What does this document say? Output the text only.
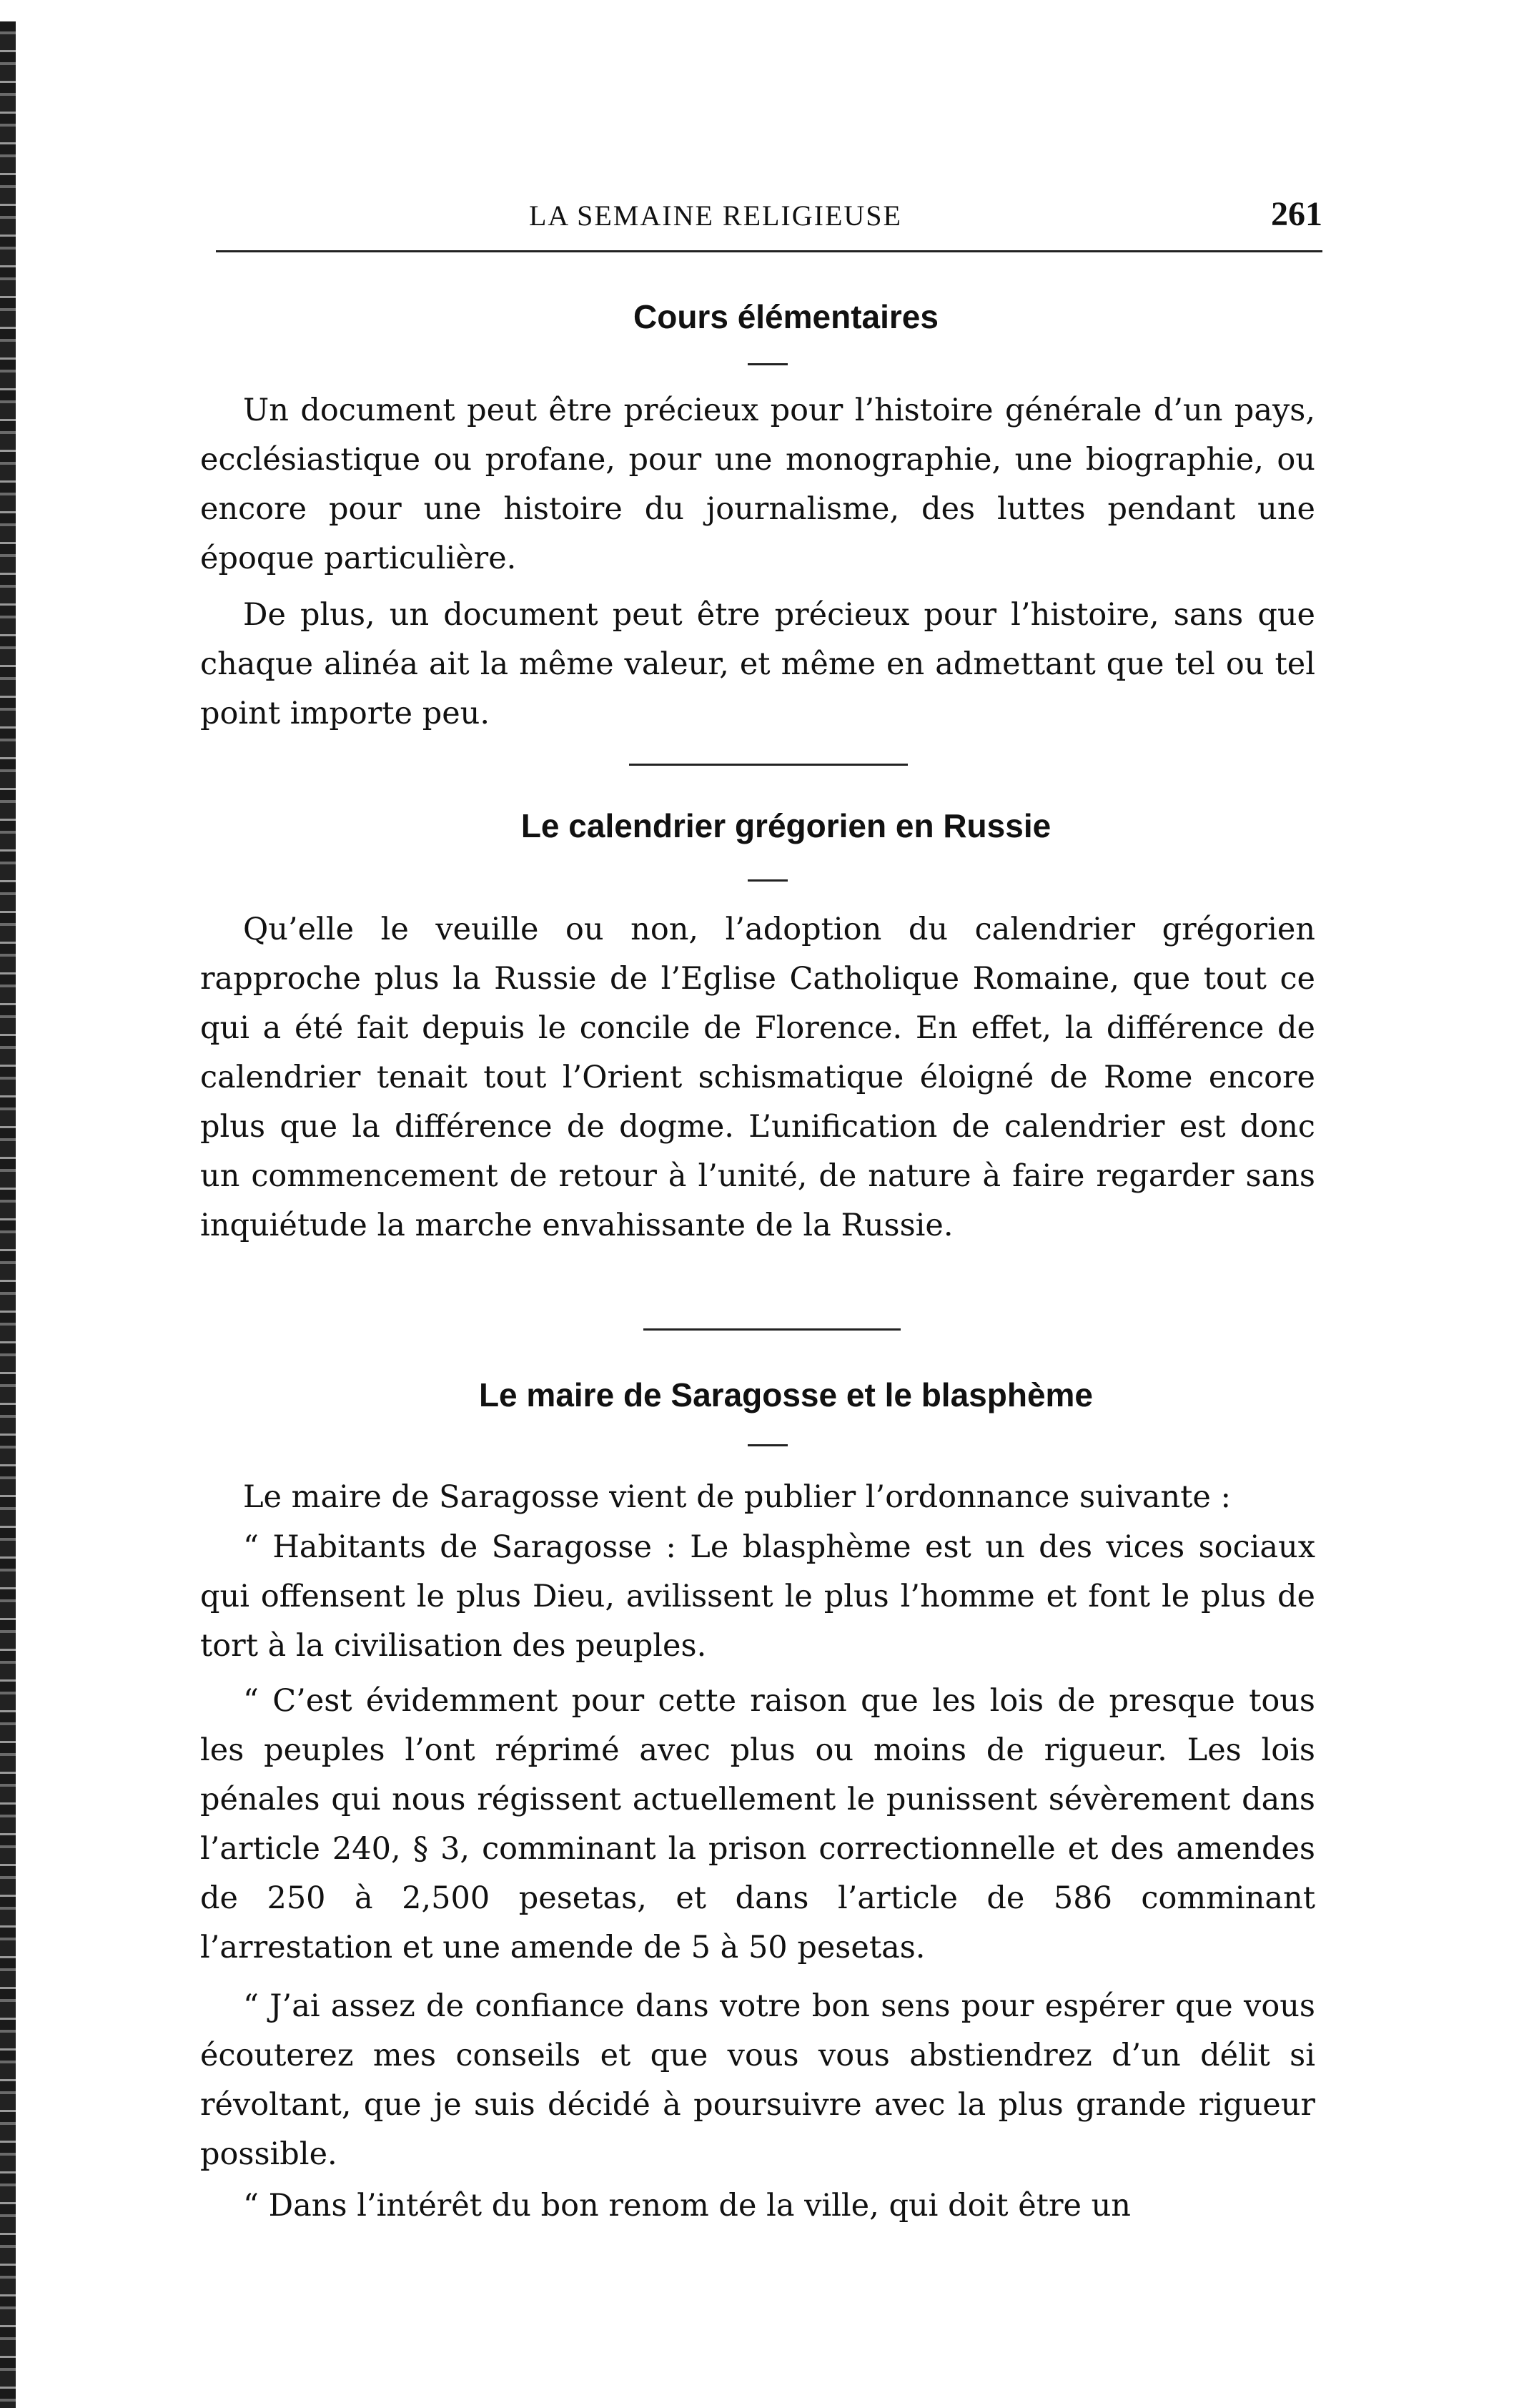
LA SEMAINE RELIGIEUSE	261
Cours élémentaires

Un document peut être précieux pour l’histoire générale d’un pays, ecclésiastique ou profane, pour une monographie, une biographie, ou encore pour une histoire du journalisme, des luttes pendant une époque particulière.

De plus, un document peut être précieux pour l’histoire, sans que chaque alinéa ait la même valeur, et même en admettant que tel ou tel point importe peu.

Le calendrier grégorien en Russie

Qu’elle le veuille ou non, l’adoption du calendrier grégorien rapproche plus la Russie de l’Eglise Catholique Romaine, que tout ce qui a été fait depuis le concile de Florence. En effet, la différence de calendrier tenait tout l’Orient schismatique éloigné de Rome encore plus que la différence de dogme. L’unification de calendrier est donc un commencement de retour à l’unité, de nature à faire regarder sans inquiétude la marche envahissante de la Russie.

Le maire de Saragosse et le blasphème

Le maire de Saragosse vient de publier l’ordonnance suivante :

“ Habitants de Saragosse : Le blasphème est un des vices sociaux qui offensent le plus Dieu, avilissent le plus l’homme et font le plus de tort à la civilisation des peuples.

“ C’est évidemment pour cette raison que les lois de presque tous les peuples l’ont réprimé avec plus ou moins de rigueur. Les lois pénales qui nous régissent actuellement le punissent sévèrement dans l’article 240, § 3, comminant la prison correctionnelle et des amendes de 250 à 2,500 pesetas, et dans l’article de 586 comminant l’arrestation et une amende de 5 à 50 pesetas.

“ J’ai assez de confiance dans votre bon sens pour espérer que vous écouterez mes conseils et que vous vous abstiendrez d’un délit si révoltant, que je suis décidé à poursuivre avec la plus grande rigueur possible.

“ Dans l’intérêt du bon renom de la ville, qui doit être un
